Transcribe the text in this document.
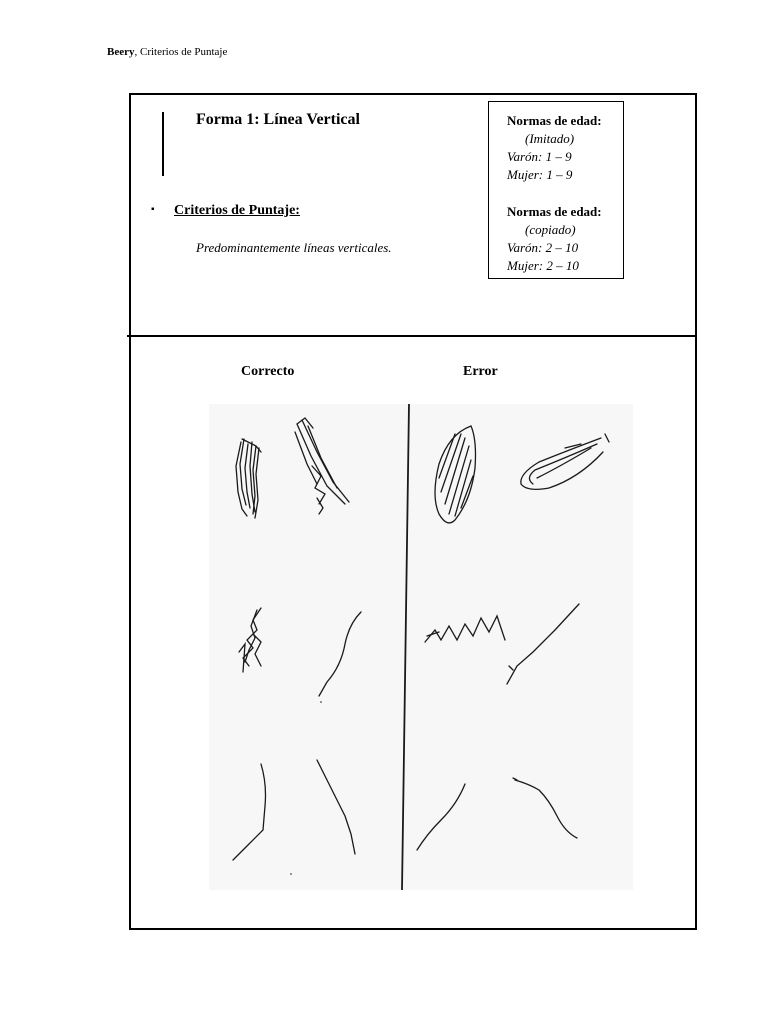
Beery, Criterios de Puntaje
Forma 1: Línea Vertical
▪ Criterios de Puntaje:
Predominantemente líneas verticales.
Normas de edad:
(Imitado)
Varón: 1 – 9
Mujer: 1 – 9
Normas de edad:
(copiado)
Varón: 2 – 10
Mujer: 2 – 10
Correcto	Error
